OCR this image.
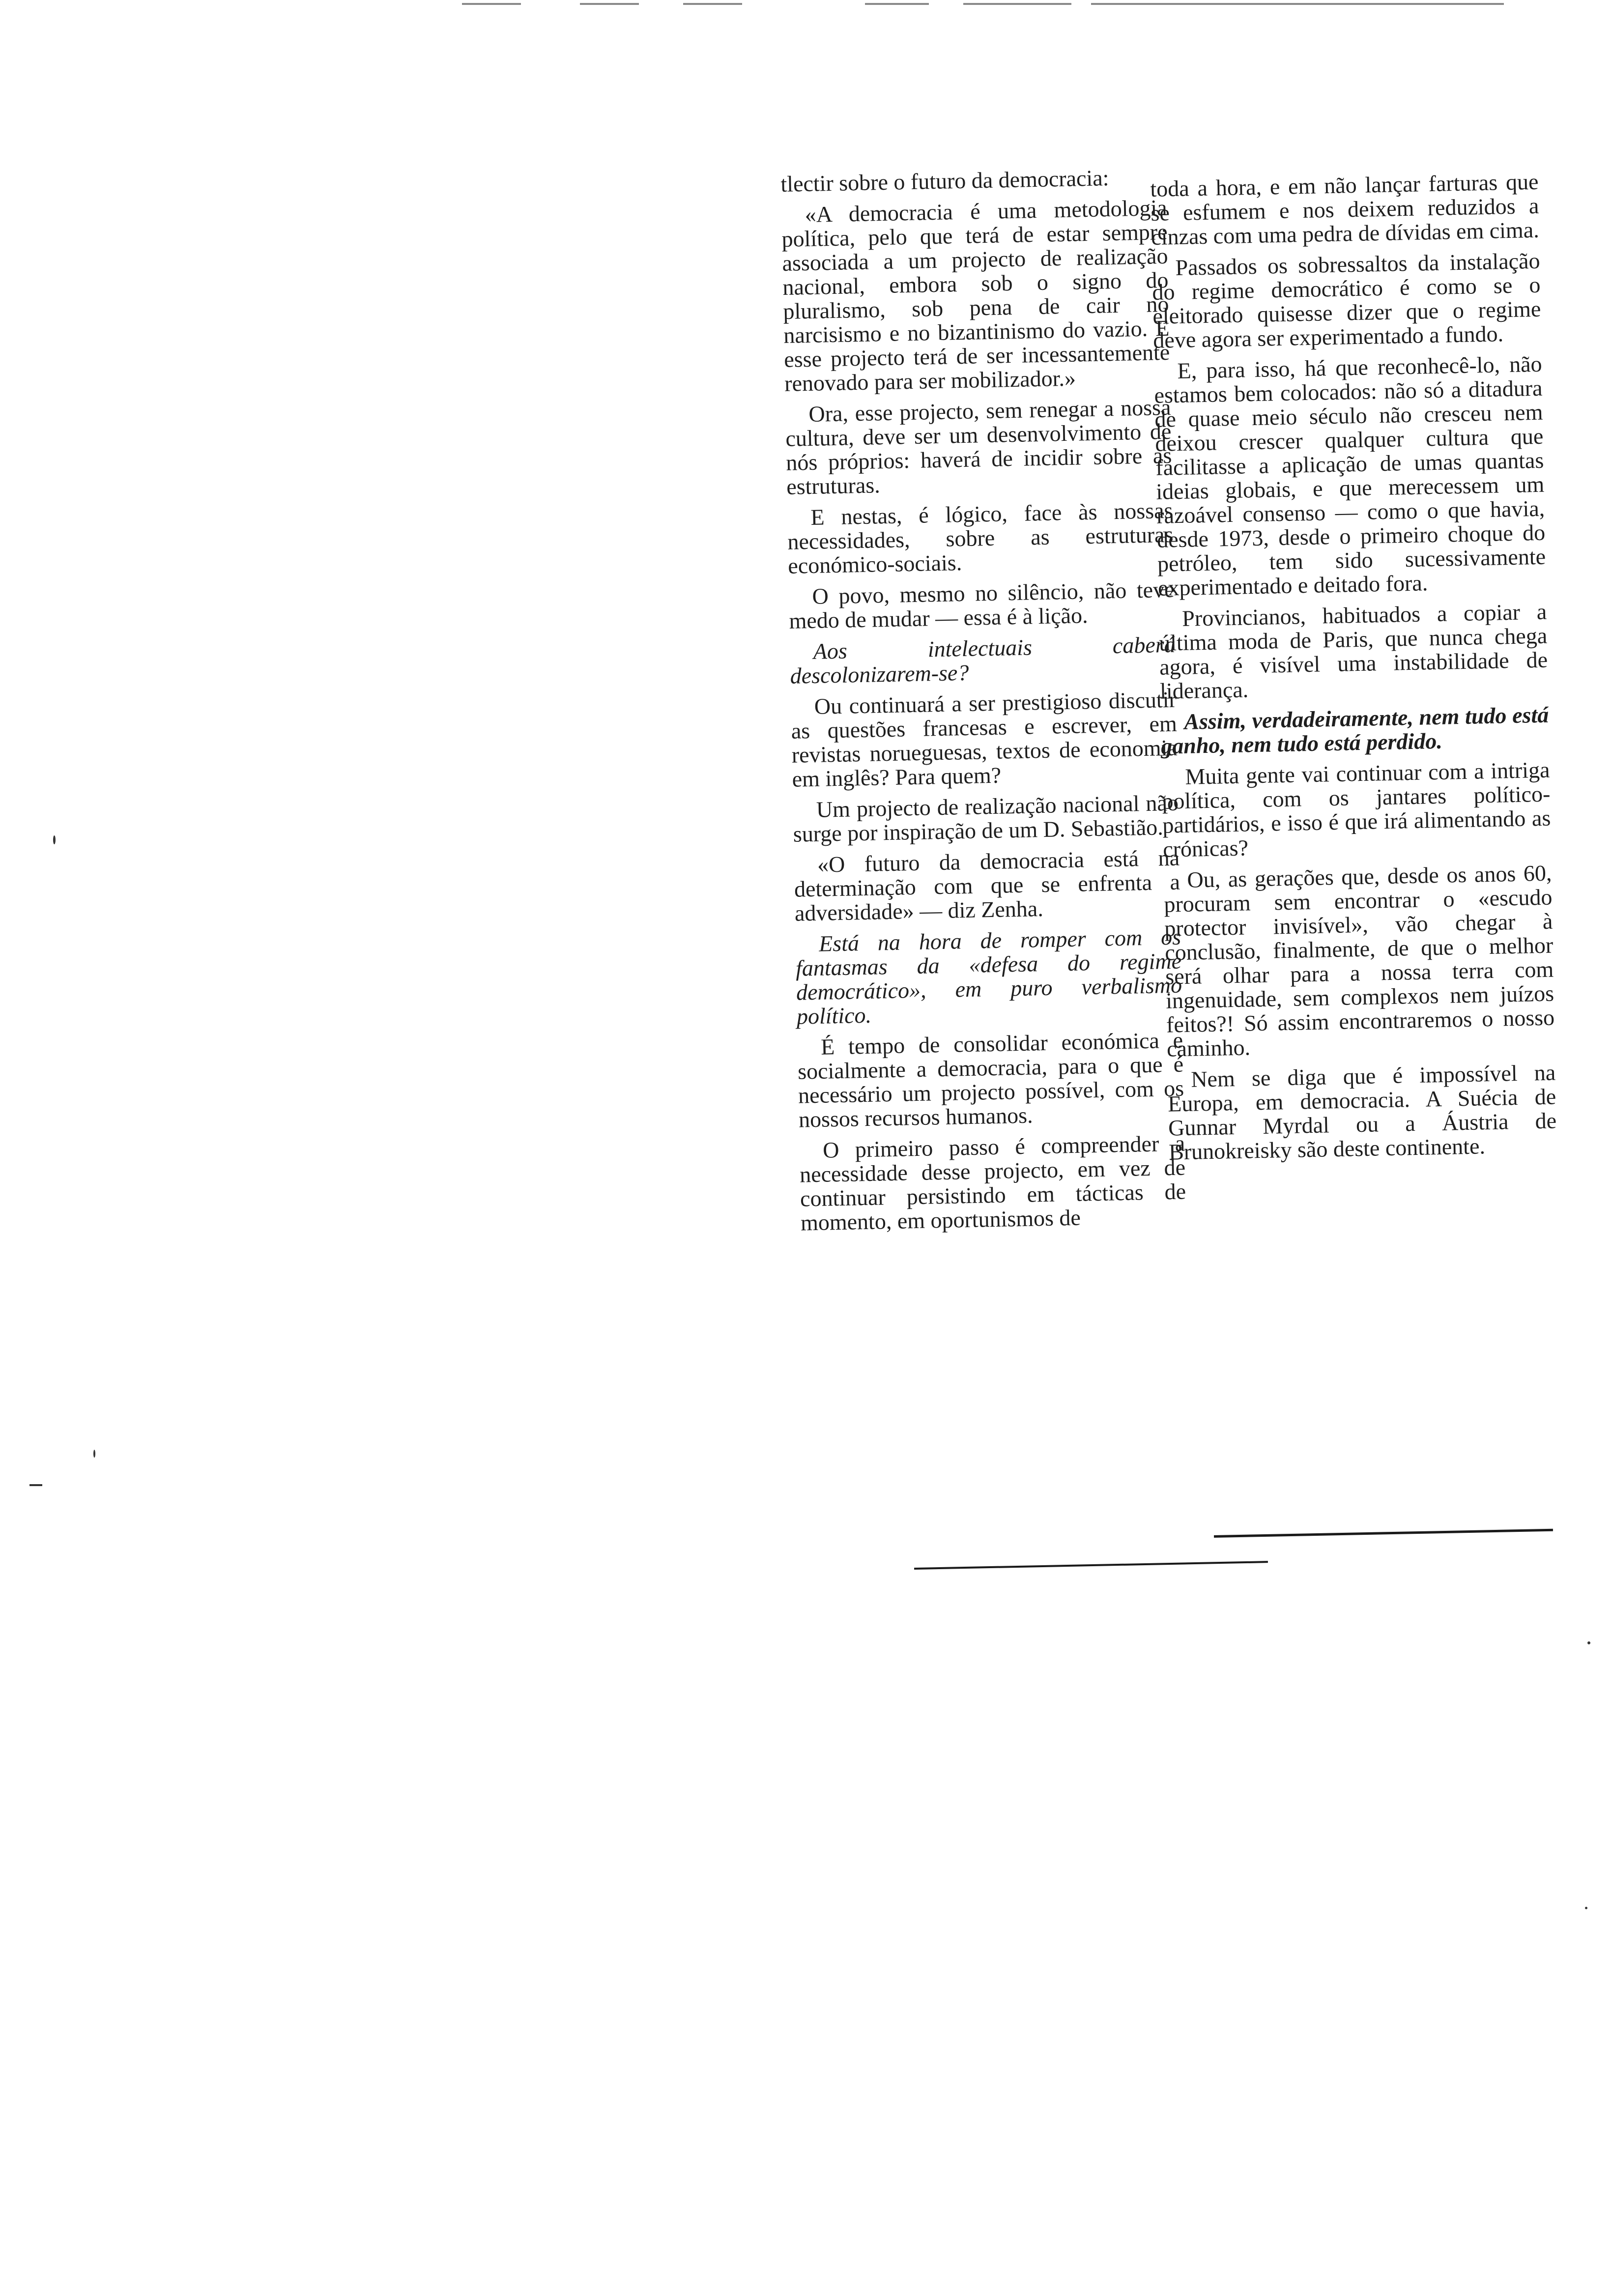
tlectir sobre o futuro da democracia:

«A democracia é uma metodologia política, pelo que terá de estar sempre associada a um projecto de realização nacional, embora sob o signo do pluralismo, sob pena de cair no narcisismo e no bizantinismo do vazio. E esse projecto terá de ser incessantemente renovado para ser mobilizador.»

Ora, esse projecto, sem renegar a nossa cultura, deve ser um desenvolvimento de nós próprios: haverá de incidir sobre as estruturas.

E nestas, é lógico, face às nossas necessidades, sobre as estruturas económico-sociais.

O povo, mesmo no silêncio, não teve medo de mudar — essa é à lição.

Aos intelectuais caberá descolonizarem-se?

Ou continuará a ser prestigioso discutir as questões francesas e escrever, em revistas norueguesas, textos de economia em inglês? Para quem?

Um projecto de realização nacional não surge por inspiração de um D. Sebastião.

«O futuro da democracia está na determinação com que se enfrenta a adversidade» — diz Zenha.

Está na hora de romper com os fantasmas da «defesa do regime democrático», em puro verbalismo político.

É tempo de consolidar económica e socialmente a democracia, para o que é necessário um projecto possível, com os nossos recursos humanos.

O primeiro passo é compreender a necessidade desse projecto, em vez de continuar persistindo em tácticas de momento, em oportunismos de

toda a hora, e em não lançar farturas que se esfumem e nos deixem reduzidos a cinzas com uma pedra de dívidas em cima.

Passados os sobressaltos da instalação do regime democrático é como se o eleitorado quisesse dizer que o regime deve agora ser experimentado a fundo.

E, para isso, há que reconhecê-lo, não estamos bem colocados: não só a ditadura de quase meio século não cresceu nem deixou crescer qualquer cultura que facilitasse a aplicação de umas quantas ideias globais, e que merecessem um razoável consenso — como o que havia, desde 1973, desde o primeiro choque do petróleo, tem sido sucessivamente experimentado e deitado fora.

Provincianos, habituados a copiar a última moda de Paris, que nunca chega agora, é visível uma instabilidade de liderança.

Assim, verdadeiramente, nem tudo está ganho, nem tudo está perdido.

Muita gente vai continuar com a intriga política, com os jantares político-partidários, e isso é que irá alimentando as crónicas?

Ou, as gerações que, desde os anos 60, procuram sem encontrar o «escudo protector invisível», vão chegar à conclusão, finalmente, de que o melhor será olhar para a nossa terra com ingenuidade, sem complexos nem juízos feitos?! Só assim encontraremos o nosso caminho.

Nem se diga que é impossível na Europa, em democracia. A Suécia de Gunnar Myrdal ou a Áustria de Brunokreisky são deste continente.
